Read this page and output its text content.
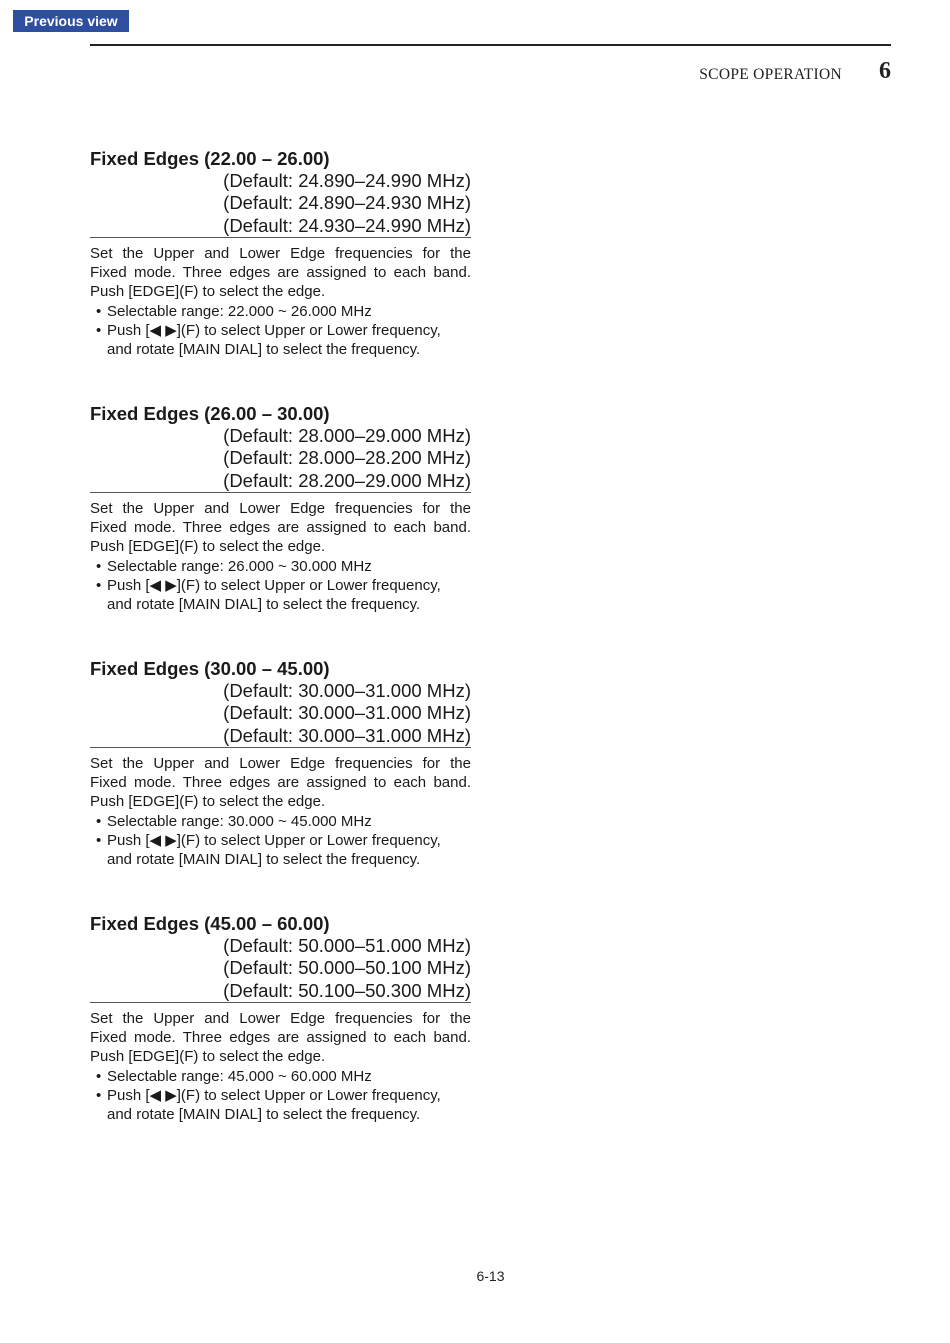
Previous view
SCOPE OPERATION 6
Fixed Edges (22.00 – 26.00)
(Default: 24.890–24.990 MHz)
(Default: 24.890–24.930 MHz)
(Default: 24.930–24.990 MHz)
Set the Upper and Lower Edge frequencies for the
Fixed mode. Three edges are assigned to each band.
Push [EDGE](F) to select the edge.
• Selectable range: 22.000 ~ 26.000 MHz
• Push [◀ ▶](F) to select Upper or Lower frequency,
and rotate [MAIN DIAL] to select the frequency.
Fixed Edges (26.00 – 30.00)
(Default: 28.000–29.000 MHz)
(Default: 28.000–28.200 MHz)
(Default: 28.200–29.000 MHz)
Set the Upper and Lower Edge frequencies for the
Fixed mode. Three edges are assigned to each band.
Push [EDGE](F) to select the edge.
• Selectable range: 26.000 ~ 30.000 MHz
• Push [◀ ▶](F) to select Upper or Lower frequency,
and rotate [MAIN DIAL] to select the frequency.
Fixed Edges (30.00 – 45.00)
(Default: 30.000–31.000 MHz)
(Default: 30.000–31.000 MHz)
(Default: 30.000–31.000 MHz)
Set the Upper and Lower Edge frequencies for the
Fixed mode. Three edges are assigned to each band.
Push [EDGE](F) to select the edge.
• Selectable range: 30.000 ~ 45.000 MHz
• Push [◀ ▶](F) to select Upper or Lower frequency,
and rotate [MAIN DIAL] to select the frequency.
Fixed Edges (45.00 – 60.00)
(Default: 50.000–51.000 MHz)
(Default: 50.000–50.100 MHz)
(Default: 50.100–50.300 MHz)
Set the Upper and Lower Edge frequencies for the
Fixed mode. Three edges are assigned to each band.
Push [EDGE](F) to select the edge.
• Selectable range: 45.000 ~ 60.000 MHz
• Push [◀ ▶](F) to select Upper or Lower frequency,
and rotate [MAIN DIAL] to select the frequency.
6-13
